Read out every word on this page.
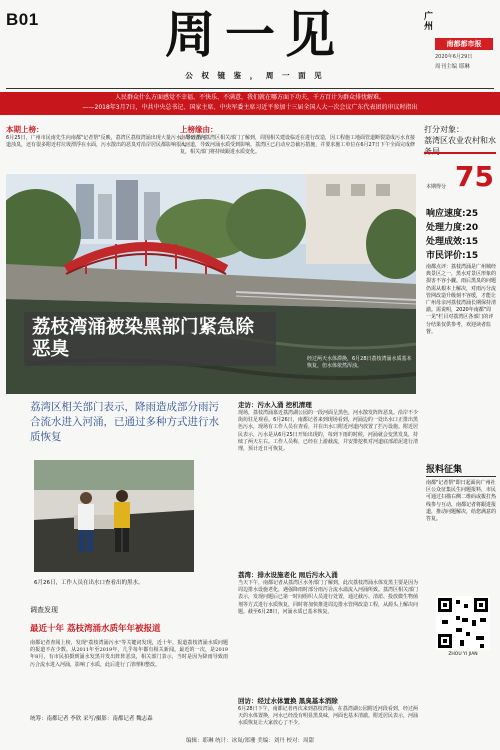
B01	周一见
公 权 镜 鉴 ， 周 一 面 见
广州
南都都市报
2020年6月29日
周刊主编 耶琳
人民群众什么方面感觉不幸福、不快乐、不满意，我们就在哪方面下功夫，千方百计为群众排忧解难。
——2018年3月7日，中共中央总书记、国家主席、中央军委主席习近平参加十三届全国人大一次会议广东代表团的审议时指出
本期上榜：
6月25日，广州市民南先生向南都"记者帮"反映，荔湾区荔枝湾涌出现大量污水，导致黑河道浊臭，还有很多附近村垃圾漂浮在水面，污水散出的恶臭对沿岸居民都影响很大。
上榜缘由：
南都记者向荔湾区相关部门了解到，周围相关建设临近在进行改造，因工程施工地面管道断裂造成污水直接入河道，导致河涌水质受到影响。荔湾区已启动应急截污措施，并要求施工单位在6月27日下午全面完成修复，相关部门将持续跟进水质变化。
荔枝湾涌被染黑部门紧急除恶臭	经过两天水体滞换，6月28日荔枝湾涌水质基本恢复，但水体依然浑浊。
荔湾区相关部门表示，降雨造成部分雨污合流水进入河涌，已通过多种方式进行水质恢复
6月26日，工作人员在出水口查看出的黑水。
调查发现
最近十年 荔枝湾涌水质年年被报道
南都记者查阅上榜，发现"荔枝湾涌污水"等关键词发现，近十年，报道荔枝湾涌水质问题的报道不在少数。从2011年至2019年，几乎每年都有相关新闻。最近的一次，是2019年8月，有市民拍摄到涌水发黑并发出阵阵恶臭，相关部门表示，当时是因为降雨导致雨污合流水进入河涌，影响了水质，此后进行了清理和整改。
统筹：南都记者 李欣 采写/摄影：南都记者 魏志森
走访：污水入涌 挖机清理
现场，荔枝湾涌靠近荔湾湖公园的一段河面呈黑色，河水散发阵阵恶臭。沿岸不少街坊驻足观看。6月26日，南都记者来到现场看到，河涌边的一处出水口正排出黑色污水，现场有工作人员在查看，并在出水口附近河道内放置了拦污设施。附近居民表示，污水是从6月25日开始出现的，每到下雨的时候，河涌就会变黑发臭，持续了两天左右。工作人员称，已经在上游截流，并安排挖机对河道底部淤泥进行清理，预计近日可恢复。
荔湾：排水设施老化 雨后污水入涌
当天下午，南都记者从荔湾区水务部门了解到，此次荔枝湾涌水体发黑主要是因为周边排水设施老化，遇强降雨时部分雨污合流水溢流入河涌所致。荔湾区相关部门表示，发现问题后已第一时间组织人员进行处置，通过截污、清淤、投放微生物菌剂等方式进行水质恢复，同时将加快推进周边排水管网改造工程，从源头上解决问题。截至6月28日，河涌水质已基本恢复。
回访：经过水体置换 黑臭基本消除
6月28日下午，南都记者再次来到荔枝湾涌，在荔湾湖公园附近河段看到，经过两天的水体置换，河水已经没有明显黑臭味，河面也基本清澈。附近居民表示，河涌水质恢复让大家放心了不少。
打分对象：
荔湾区农业农村和水
本期得分 75
响应速度:25
处理力度:20
处理成效:15
市民评价:15
南都点评：荔枝湾涌是广州城经典景区之一，黑水对景区形象的损害不容小觑。雨后黑臭的问题仍需从根本上解决，对雨污分流管网改造升级刻不容缓，才能让广州母亲河荔枝湾涌长期保持清澈。需说明，2020年南都"周一见"栏目对荔湾区各部门的评分结果仅供参考，欢迎读者监督。
报料征集
南都"记者帮"即日起面向广州社区公众征集民生问题报料，市民可通过扫描右侧二维码或拨打热线参与互动，南都记者将跟进报道，推动问题解决，给您满意的答复。
ZHOU YI JIAN
编辑：耶琳 统计：冰岚/郑珊 美编：刘丹 校对：周甜
